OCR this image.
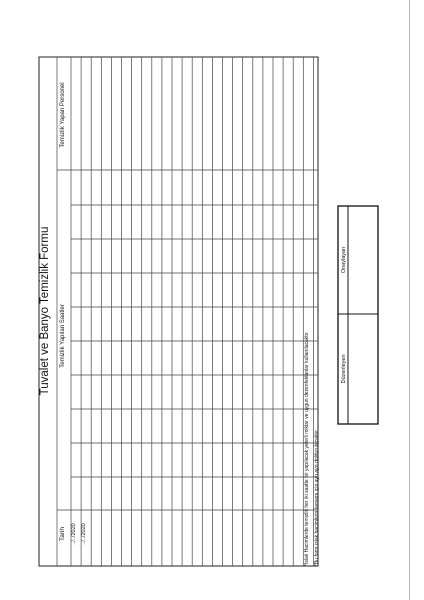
Tuvalet ve Banyo Temizlik Formu
Tarih
Temizlik Yapılan Saatler
Temizlik Yapan Personel
../../2020 ../../2020	*Islak Hacimlerde temizlik her iki saatte bir yapılacak yeterli miktar ve uygun dezenfektanlar kullanılacaktır. *Bu form ıslak hacimlerin tamamı için ayrı ayrı doldurulacaktır.
Düzenleyen
Onaylayan
